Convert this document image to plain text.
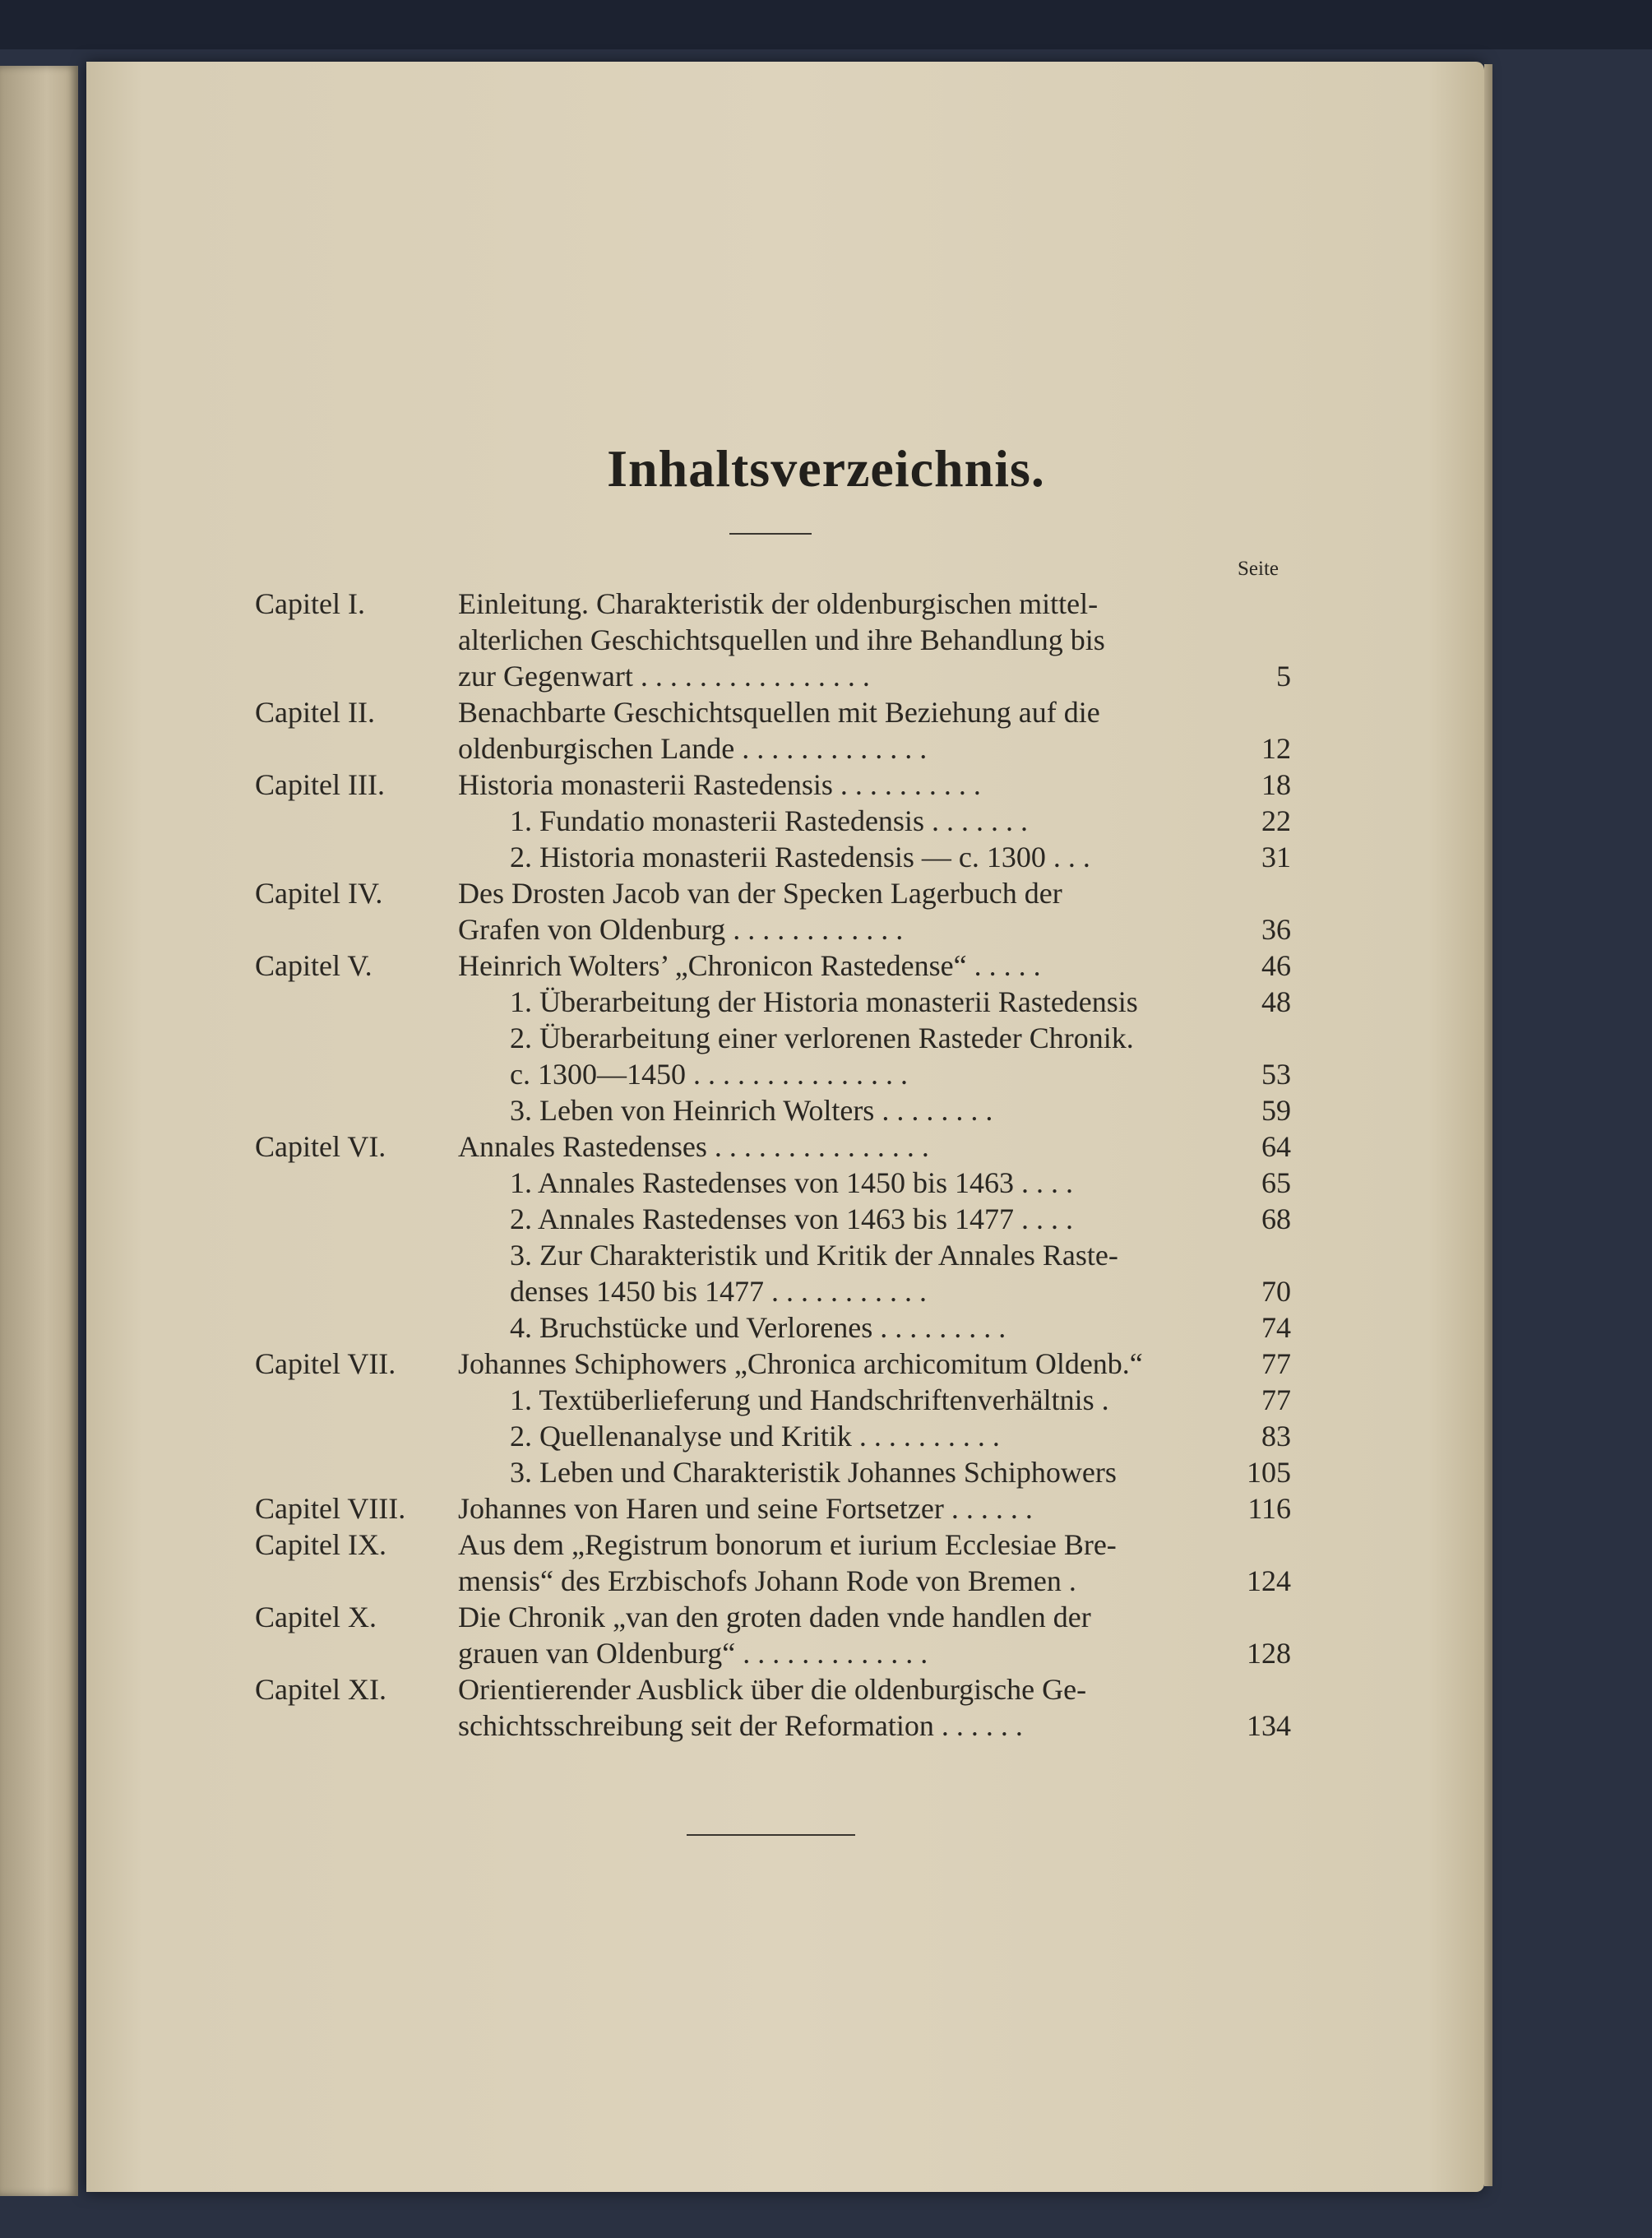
Inhaltsverzeichnis.
Seite
Capitel I.	Einleitung. Charakteristik der oldenburgischen mittel-
alterlichen Geschichtsquellen und ihre Behandlung bis
zur Gegenwart . . . . . . . . . . . . . . . .	5
Capitel II.	Benachbarte Geschichtsquellen mit Beziehung auf die
oldenburgischen Lande . . . . . . . . . . . . .	12
Capitel III. Historia monasterii Rastedensis . . . . . . . . . .	18
1. Fundatio monasterii Rastedensis . . . . . . .	22
2. Historia monasterii Rastedensis — c. 1300 . . .	31
Capitel IV.	Des Drosten Jacob van der Specken Lagerbuch der
Grafen von Oldenburg . . . . . . . . . . . .	36
Capitel V.	Heinrich Wolters’ „Chronicon Rastedense“ . . . . .	46
1. Überarbeitung der Historia monasterii Rastedensis	48
2. Überarbeitung einer verlorenen Rasteder Chronik.
c. 1300—1450 . . . . . . . . . . . . . . .	53
3. Leben von Heinrich Wolters . . . . . . . .	59
Capitel VI. Annales Rastedenses . . . . . . . . . . . . . . .	64
1. Annales Rastedenses von 1450 bis 1463 . . . .	65
2. Annales Rastedenses von 1463 bis 1477 . . . .	68
3. Zur Charakteristik und Kritik der Annales Raste-
denses 1450 bis 1477 . . . . . . . . . . .	70
4. Bruchstücke und Verlorenes . . . . . . . . .	74
Capitel VII. Johannes Schiphowers „Chronica archicomitum Oldenb.“	77
1. Textüberlieferung und Handschriftenverhältnis .	77
2. Quellenanalyse und Kritik . . . . . . . . . .	83
3. Leben und Charakteristik Johannes Schiphowers	105
Capitel VIII. Johannes von Haren und seine Fortsetzer . . . . . .	116
Capitel IX. Aus dem „Registrum bonorum et iurium Ecclesiae Bre-
mensis“ des Erzbischofs Johann Rode von Bremen .	124
Capitel X.	Die Chronik „van den groten daden vnde handlen der
grauen van Oldenburg“ . . . . . . . . . . . . .	128
Capitel XI. Orientierender Ausblick über die oldenburgische Ge-
schichtsschreibung seit der Reformation . . . . . .	134
